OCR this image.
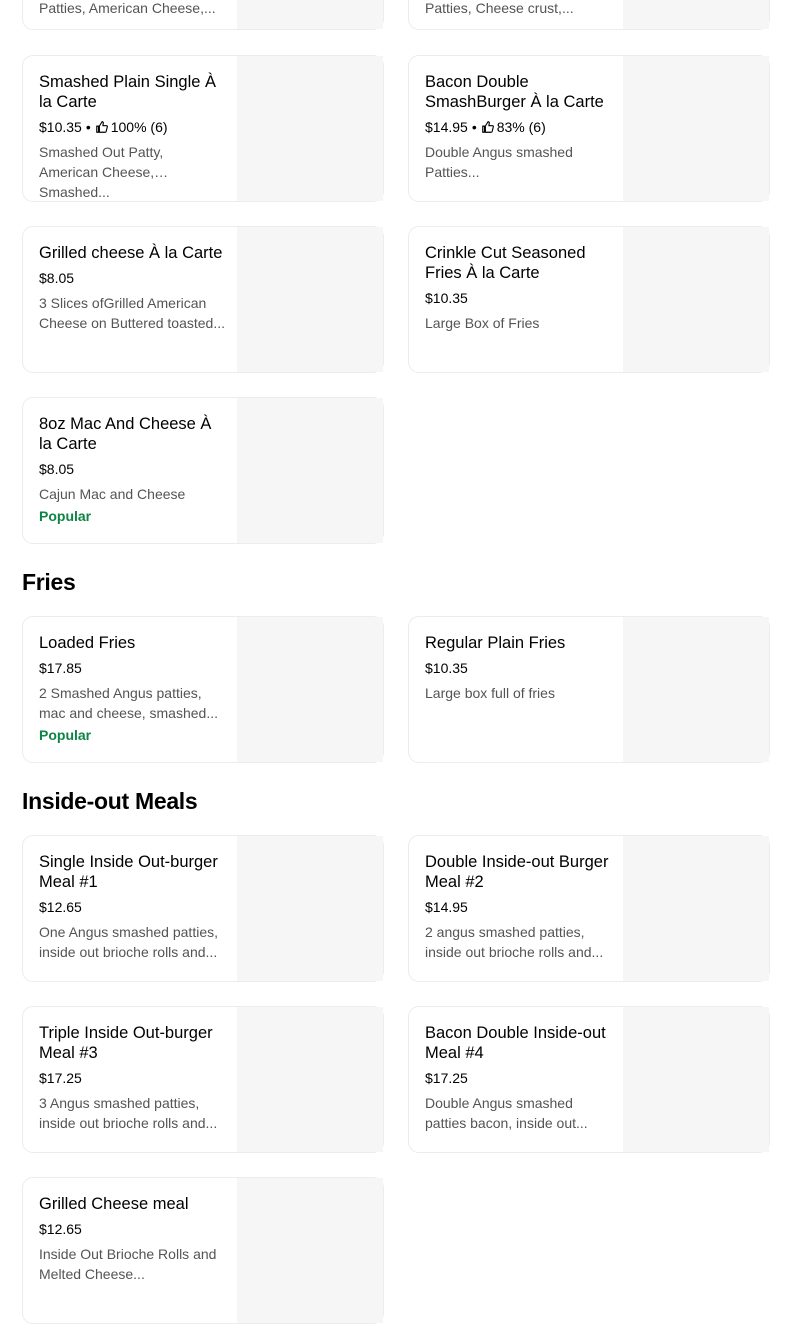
Patties, American Cheese,...	Patties, Cheese crust,...
Smashed Plain Single À la Carte
$10.35 • 100% (6)
Smashed Out Patty, American Cheese, Smashed...
Bacon Double SmashBurger À la Carte
$14.95 • 83% (6)
Double Angus smashed Patties...
Grilled cheese À la Carte
$8.05
3 Slices ofGrilled American Cheese on Buttered toasted...
Crinkle Cut Seasoned Fries À la Carte
$10.35
Large Box of Fries
8oz Mac And Cheese À la Carte
$8.05
Cajun Mac and Cheese
Popular
Fries
Loaded Fries
$17.85
2 Smashed Angus patties, mac and cheese, smashed...
Popular
Regular Plain Fries
$10.35
Large box full of fries
Inside-out Meals
Single Inside Out-burger Meal #1
$12.65
One Angus smashed patties, inside out brioche rolls and...
Double Inside-out Burger Meal #2
$14.95
2 angus smashed patties, inside out brioche rolls and...
Triple Inside Out-burger Meal #3
$17.25
3 Angus smashed patties, inside out brioche rolls and...
Bacon Double Inside-out Meal #4
$17.25
Double Angus smashed patties bacon, inside out...
Grilled Cheese meal
$12.65
Inside Out Brioche Rolls and Melted Cheese...
